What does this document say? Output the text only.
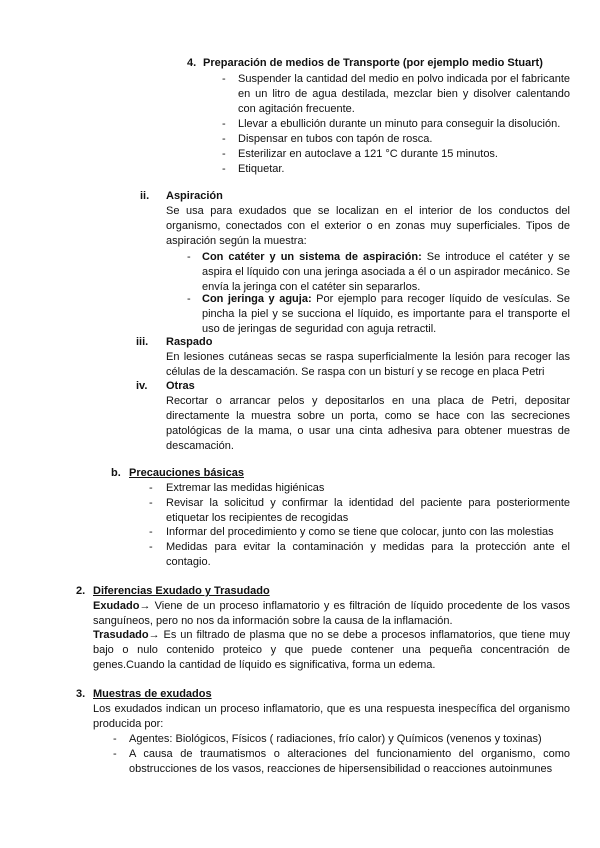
4. Preparación de medios de Transporte (por ejemplo medio Stuart)
- Suspender la cantidad del medio en polvo indicada por el fabricante en un litro de agua destilada, mezclar bien y disolver calentando con agitación frecuente.

- Llevar a ebullición durante un minuto para conseguir la disolución.

- Dispensar en tubos con tapón de rosca.

- Esterilizar en autoclave a 121 °C durante 15 minutos.

- Etiquetar.

ii. Aspiración

Se usa para exudados que se localizan en el interior de los conductos del organismo, conectados con el exterior o en zonas muy superficiales. Tipos de aspiración según la muestra:

- Con catéter y un sistema de aspiración: Se introduce el catéter y se aspira el líquido con una jeringa asociada a él o un aspirador mecánico. Se envía la jeringa con el catéter sin separarlos.

- Con jeringa y aguja: Por ejemplo para recoger líquido de vesículas. Se pincha la piel y se succiona el líquido, es importante para el transporte el uso de jeringas de seguridad con aguja retractil.

iii. Raspado

En lesiones cutáneas secas se raspa superficialmente la lesión para recoger las células de la descamación. Se raspa con un bisturí y se recoge en placa Petri

iv. Otras

Recortar o arrancar pelos y depositarlos en una placa de Petri, depositar directamente la muestra sobre un porta, como se hace con las secreciones patológicas de la mama, o usar una cinta adhesiva para obtener muestras de descamación.

b. Precauciones básicas
- Extremar las medidas higiénicas

- Revisar la solicitud y confirmar la identidad del paciente para posteriormente etiquetar los recipientes de recogidas

- Informar del procedimiento y como se tiene que colocar, junto con las molestias

- Medidas para evitar la contaminación y medidas para la protección ante el contagio.

2. Diferencias Exudado y Trasudado

Exudado→ Viene de un proceso inflamatorio y es filtración de líquido procedente de los vasos sanguíneos, pero no nos da información sobre la causa de la inflamación.

Trasudado→ Es un filtrado de plasma que no se debe a procesos inflamatorios, que tiene muy bajo o nulo contenido proteico y que puede contener una pequeña concentración de genes.Cuando la cantidad de líquido es significativa, forma un edema.

3. Muestras de exudados

Los exudados indican un proceso inflamatorio, que es una respuesta inespecífica del organismo producida por:

- Agentes: Biológicos, Físicos ( radiaciones, frío calor) y Químicos (venenos y toxinas)

- A causa de traumatismos o alteraciones del funcionamiento del organismo, como obstrucciones de los vasos, reacciones de hipersensibilidad o reacciones autoinmunes
